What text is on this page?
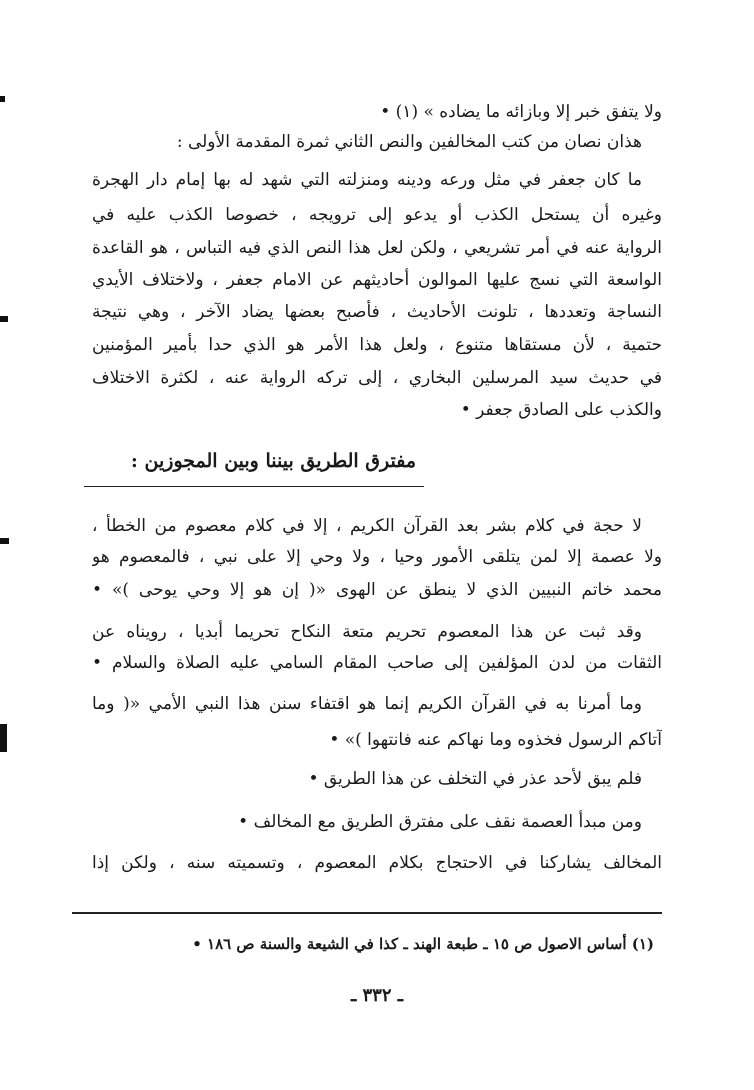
ولا يتفق خبر إلا وبازائه ما يضاده » (١) •
هذان نصان من كتب المخالفين والنص الثاني ثمرة المقدمة الأولى :
ما كان جعفر في مثل ورعه ودينه ومنزلته التي شهد له بها إمام دار الهجرة
وغيره أن يستحل الكذب أو يدعو إلى ترويجه ، خصوصا الكذب عليه في
الرواية عنه في أمر تشريعي ، ولكن لعل هذا النص الذي فيه التباس ، هو القاعدة
الواسعة التي نسج عليها الموالون أحاديثهم عن الامام جعفر ، ولاختلاف الأيدي
النساجة وتعددها ، تلونت الأحاديث ، فأصبح بعضها يضاد الآخر ، وهي نتيجة
حتمية ، لأن مستقاها متنوع ، ولعل هذا الأمر هو الذي حدا بأمير المؤمنين
في حديث سيد المرسلين البخاري ، إلى تركه الرواية عنه ، لكثرة الاختلاف
والكذب على الصادق جعفر •
مفترق الطريق بيننا وبين المجوزين :
لا حجة في كلام بشر بعد القرآن الكريم ، إلا في كلام معصوم من الخطأ ،
ولا عصمة إلا لمن يتلقى الأمور وحيا ، ولا وحي إلا على نبي ، فالمعصوم هو
محمد خاتم النبيين الذي لا ينطق عن الهوى «( إن هو إلا وحي يوحى )» •
وقد ثبت عن هذا المعصوم تحريم متعة النكاح تحريما أبديا ، رويناه عن
الثقات من لدن المؤلفين إلى صاحب المقام السامي عليه الصلاة والسلام •
وما أمرنا به في القرآن الكريم إنما هو اقتفاء سنن هذا النبي الأمي «( وما
آتاكم الرسول فخذوه وما نهاكم عنه فانتهوا )» •
فلم يبق لأحد عذر في التخلف عن هذا الطريق •
ومن مبدأ العصمة نقف على مفترق الطريق مع المخالف •
المخالف يشاركنا في الاحتجاج بكلام المعصوم ، وتسميته سنه ، ولكن إذا
(١) أساس الاصول ص ١٥ ـ طبعة الهند ـ كذا في الشيعة والسنة ص ١٨٦ •
ـ ٣٣٢ ـ
